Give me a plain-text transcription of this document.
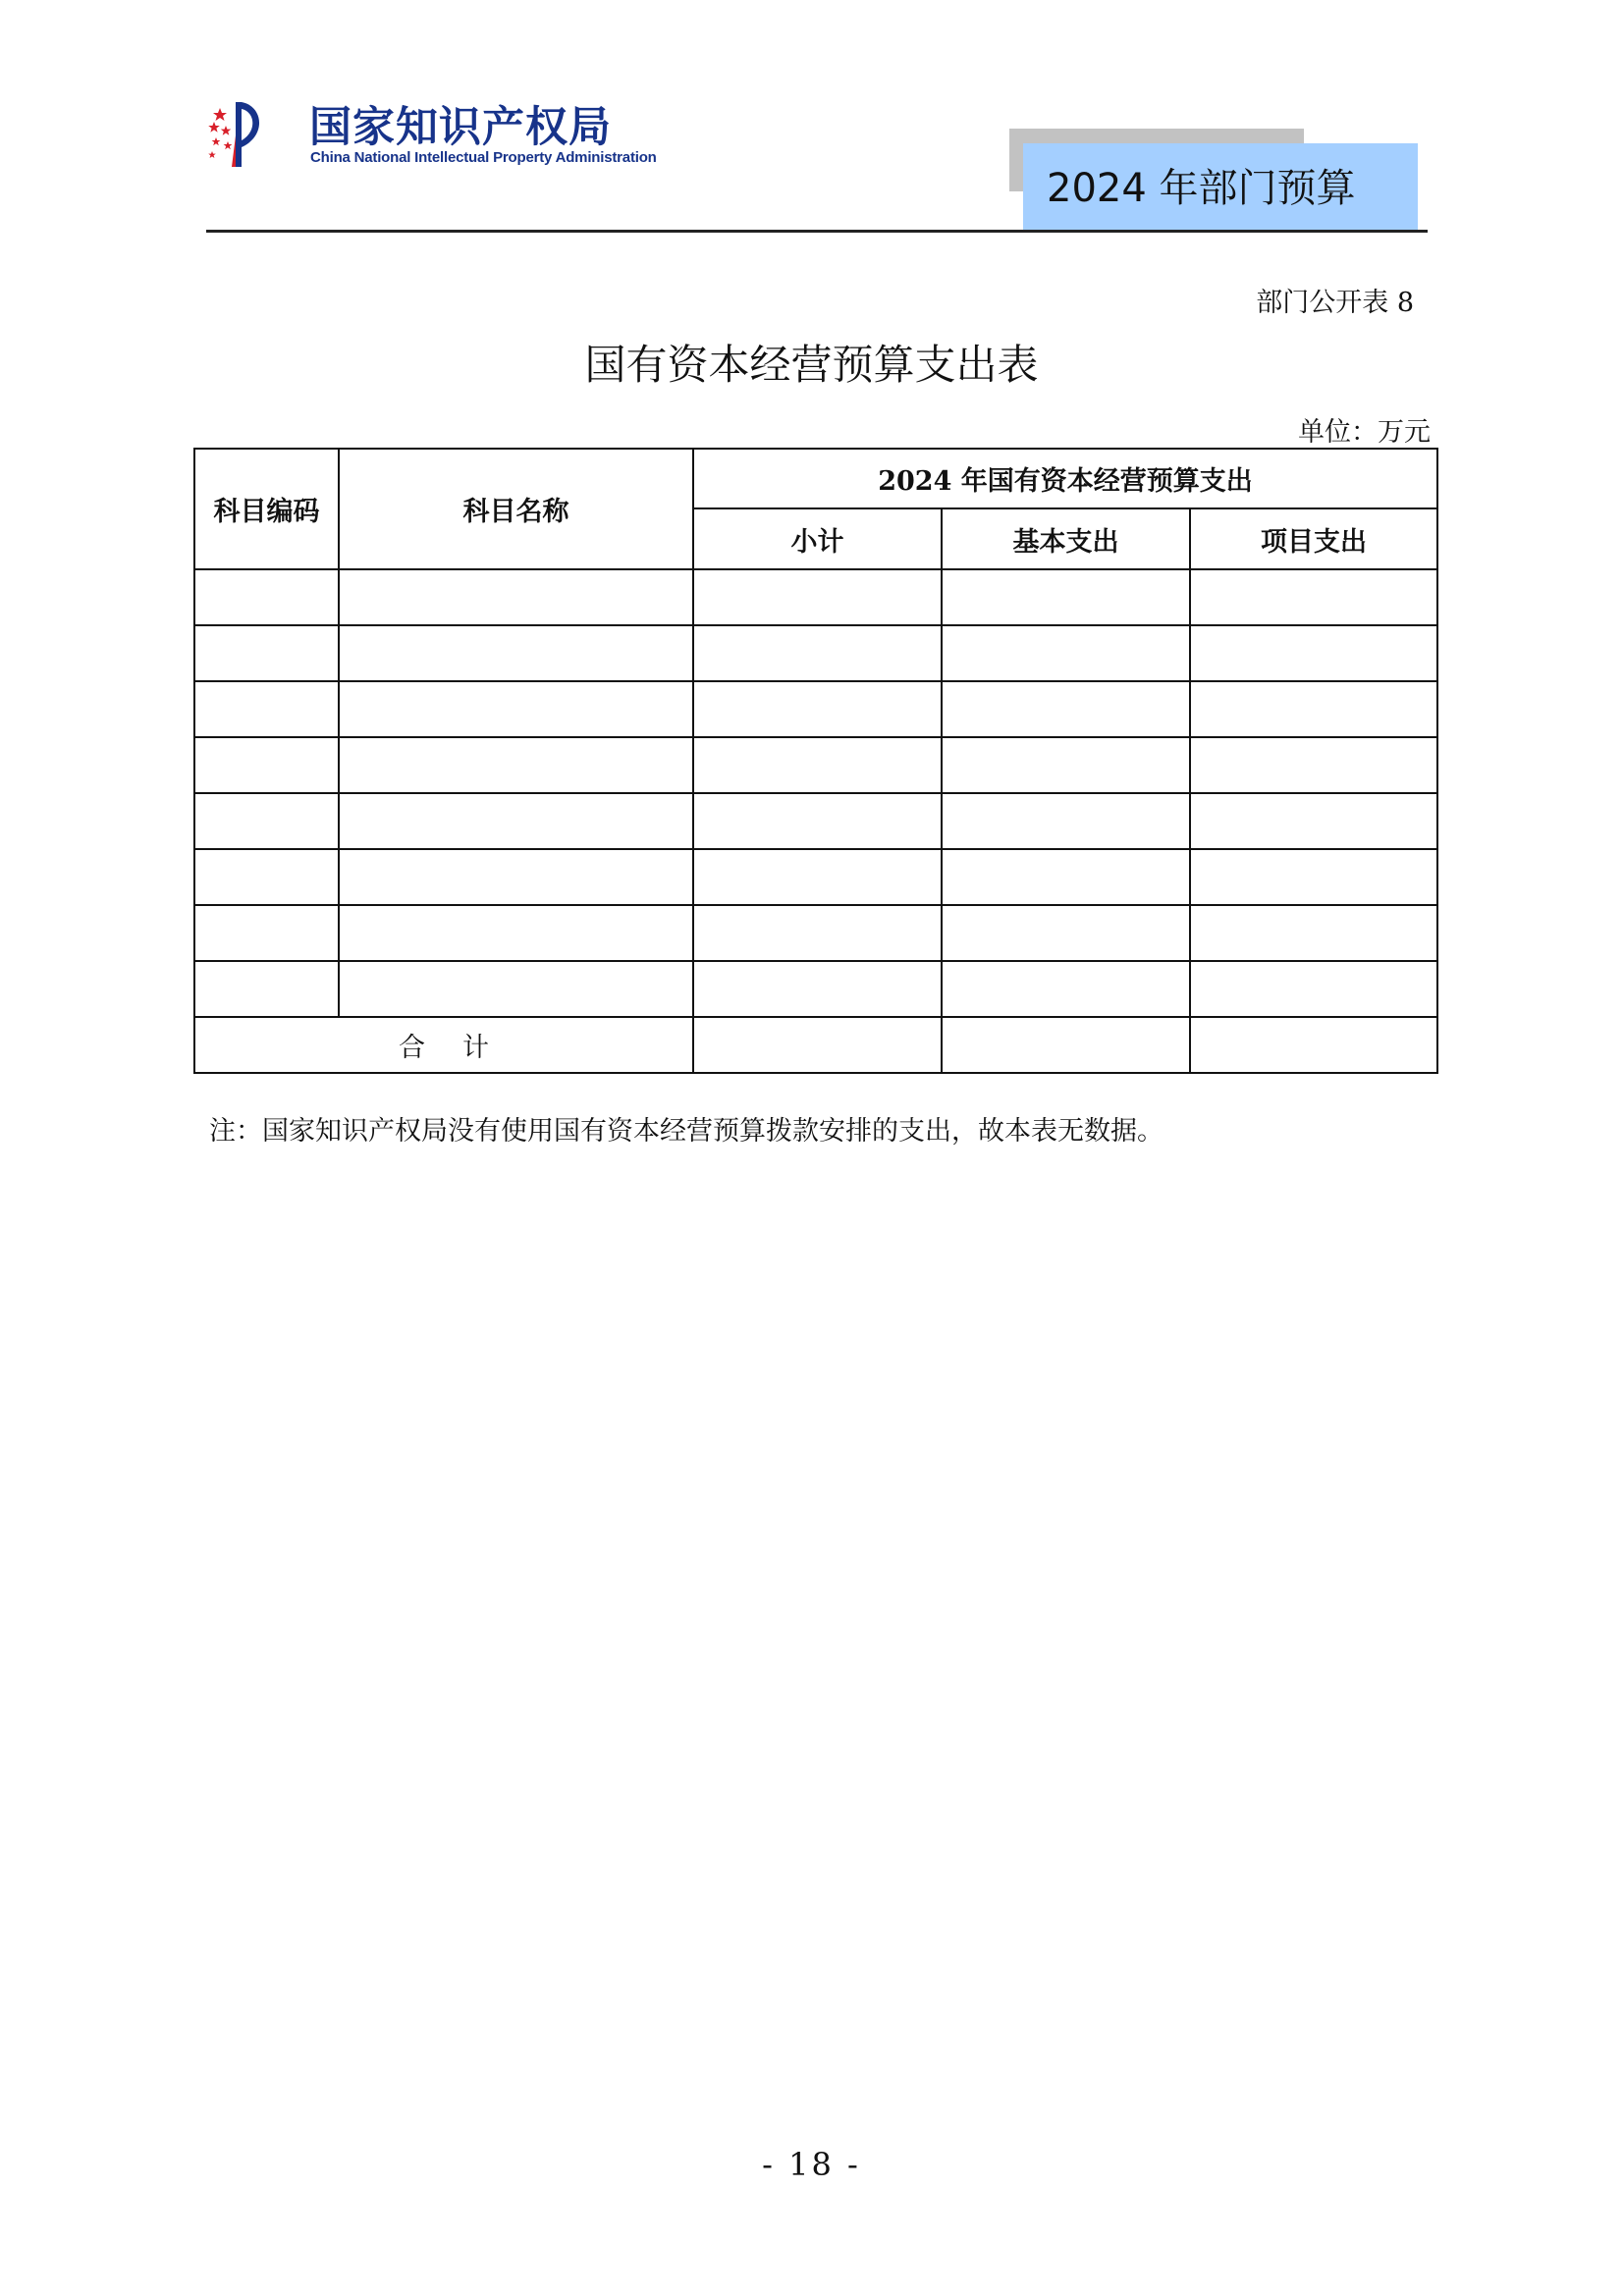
国家知识产权局
China National Intellectual Property Administration
2024 年部门预算
部门公开表 8
国有资本经营预算支出表
单位：万元
科目编码	科目名称	2024 年国有资本经营预算支出		
		小计	基本支出	项目支出

合计				
注：国家知识产权局没有使用国有资本经营预算拨款安排的支出，故本表无数据。
- 18 -
